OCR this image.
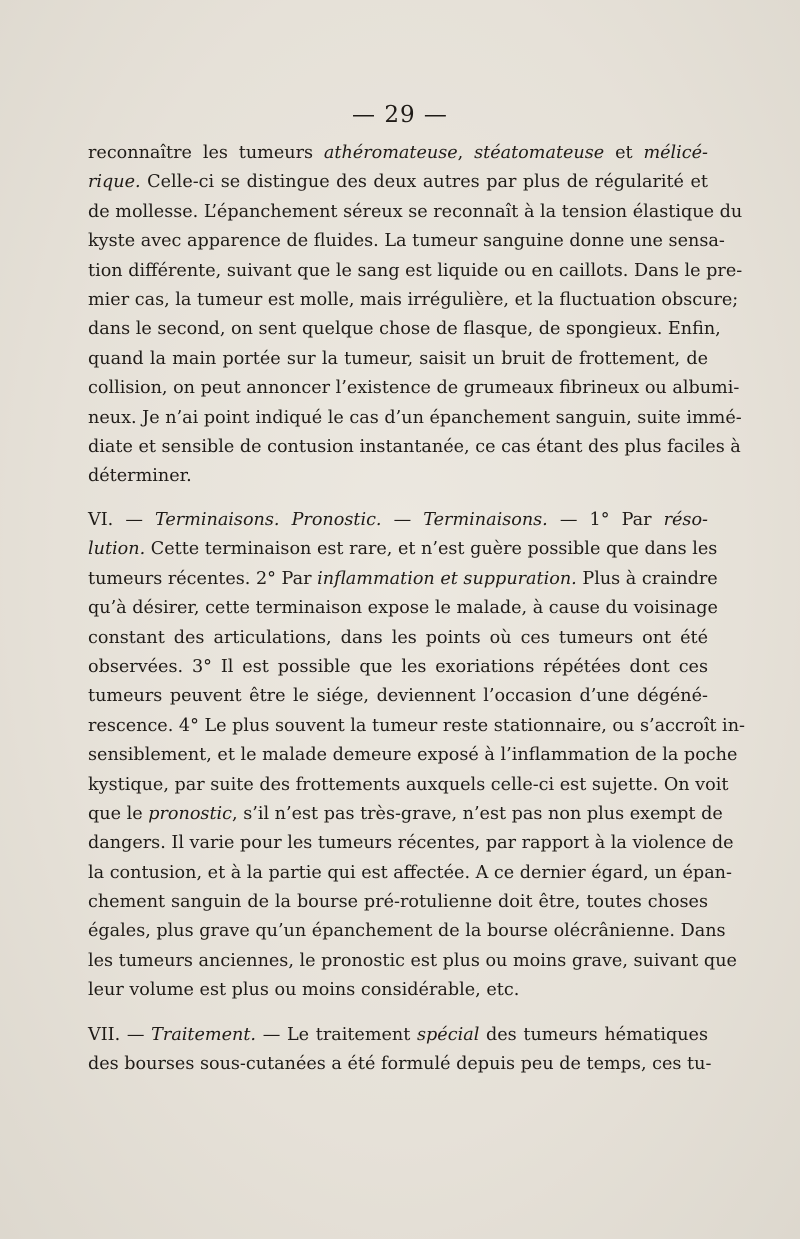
— 29 —
reconnaître les tumeurs athéromateuse, stéatomateuse et mélicé-
rique. Celle-ci se distingue des deux autres par plus de régularité et
de mollesse. L’épanchement séreux se reconnaît à la tension élastique du
kyste avec apparence de fluides. La tumeur sanguine donne une sensa-
tion différente, suivant que le sang est liquide ou en caillots. Dans le pre-
mier cas, la tumeur est molle, mais irrégulière, et la fluctuation obscure;
dans le second, on sent quelque chose de flasque, de spongieux. Enfin,
quand la main portée sur la tumeur, saisit un bruit de frottement, de
collision, on peut annoncer l’existence de grumeaux fibrineux ou albumi-
neux. Je n’ai point indiqué le cas d’un épanchement sanguin, suite immé-
diate et sensible de contusion instantanée, ce cas étant des plus faciles à
déterminer.
VI. — Terminaisons. Pronostic. — Terminaisons. — 1° Par réso-
lution. Cette terminaison est rare, et n’est guère possible que dans les
tumeurs récentes. 2° Par inflammation et suppuration. Plus à craindre
qu’à désirer, cette terminaison expose le malade, à cause du voisinage
constant des articulations, dans les points où ces tumeurs ont été
observées. 3° Il est possible que les exoriations répétées dont ces
tumeurs peuvent être le siége, deviennent l’occasion d’une dégéné-
rescence. 4° Le plus souvent la tumeur reste stationnaire, ou s’accroît in-
sensiblement, et le malade demeure exposé à l’inflammation de la poche
kystique, par suite des frottements auxquels celle-ci est sujette. On voit
que le pronostic, s’il n’est pas très-grave, n’est pas non plus exempt de
dangers. Il varie pour les tumeurs récentes, par rapport à la violence de
la contusion, et à la partie qui est affectée. A ce dernier égard, un épan-
chement sanguin de la bourse pré-rotulienne doit être, toutes choses
égales, plus grave qu’un épanchement de la bourse olécrânienne. Dans
les tumeurs anciennes, le pronostic est plus ou moins grave, suivant que
leur volume est plus ou moins considérable, etc.
VII. — Traitement. — Le traitement spécial des tumeurs hématiques
des bourses sous-cutanées a été formulé depuis peu de temps, ces tu-
